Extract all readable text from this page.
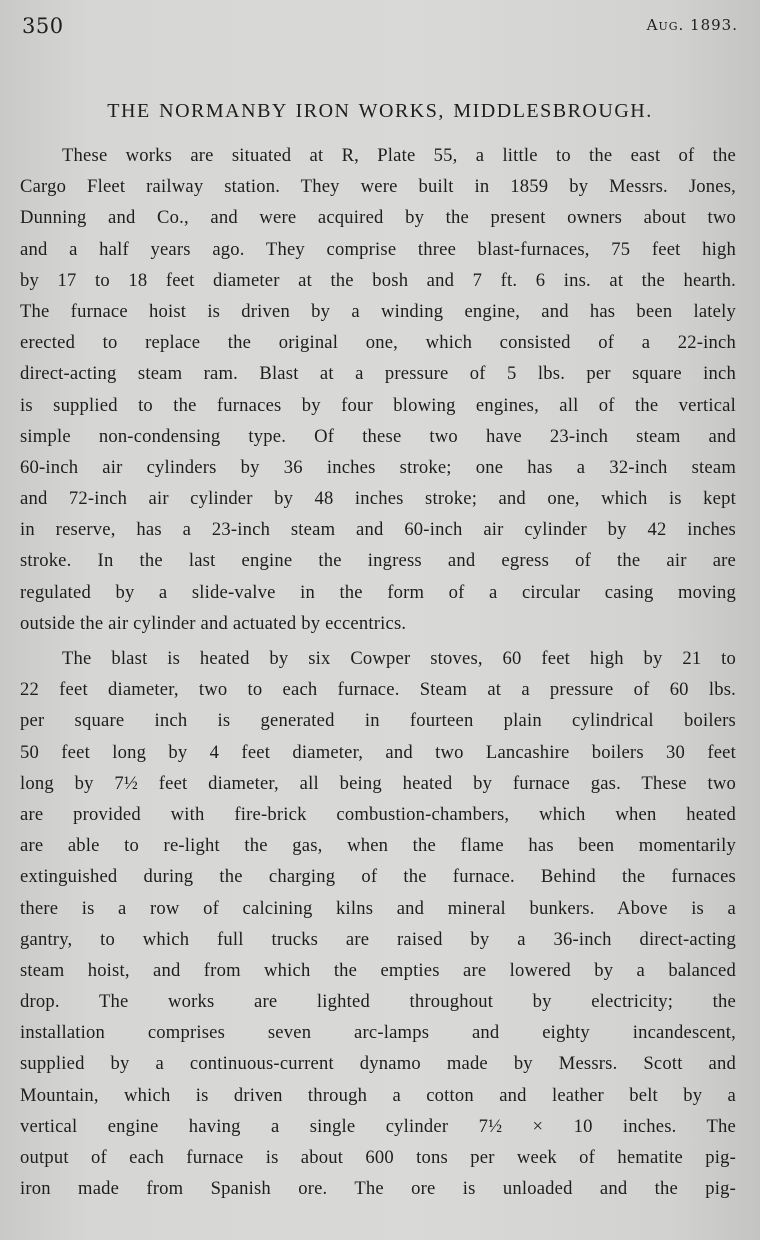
350	Aug. 1893.
THE NORMANBY IRON WORKS, MIDDLESBROUGH.
These works are situated at R, Plate 55, a little to the east of the
Cargo Fleet railway station. They were built in 1859 by Messrs. Jones,
Dunning and Co., and were acquired by the present owners about two
and a half years ago. They comprise three blast-furnaces, 75 feet high
by 17 to 18 feet diameter at the bosh and 7 ft. 6 ins. at the hearth.
The furnace hoist is driven by a winding engine, and has been lately
erected to replace the original one, which consisted of a 22-inch
direct-acting steam ram. Blast at a pressure of 5 lbs. per square inch
is supplied to the furnaces by four blowing engines, all of the vertical
simple non-condensing type. Of these two have 23-inch steam and
60-inch air cylinders by 36 inches stroke; one has a 32-inch steam
and 72-inch air cylinder by 48 inches stroke; and one, which is kept
in reserve, has a 23-inch steam and 60-inch air cylinder by 42 inches
stroke. In the last engine the ingress and egress of the air are
regulated by a slide-valve in the form of a circular casing moving
outside the air cylinder and actuated by eccentrics.
The blast is heated by six Cowper stoves, 60 feet high by 21 to
22 feet diameter, two to each furnace. Steam at a pressure of 60 lbs.
per square inch is generated in fourteen plain cylindrical boilers
50 feet long by 4 feet diameter, and two Lancashire boilers 30 feet
long by 7½ feet diameter, all being heated by furnace gas. These two
are provided with fire-brick combustion-chambers, which when heated
are able to re-light the gas, when the flame has been momentarily
extinguished during the charging of the furnace. Behind the furnaces
there is a row of calcining kilns and mineral bunkers. Above is a
gantry, to which full trucks are raised by a 36-inch direct-acting
steam hoist, and from which the empties are lowered by a balanced
drop. The works are lighted throughout by electricity; the
installation comprises seven arc-lamps and eighty incandescent,
supplied by a continuous-current dynamo made by Messrs. Scott and
Mountain, which is driven through a cotton and leather belt by a
vertical engine having a single cylinder 7½ × 10 inches. The
output of each furnace is about 600 tons per week of hematite pig-
iron made from Spanish ore. The ore is unloaded and the pig-
